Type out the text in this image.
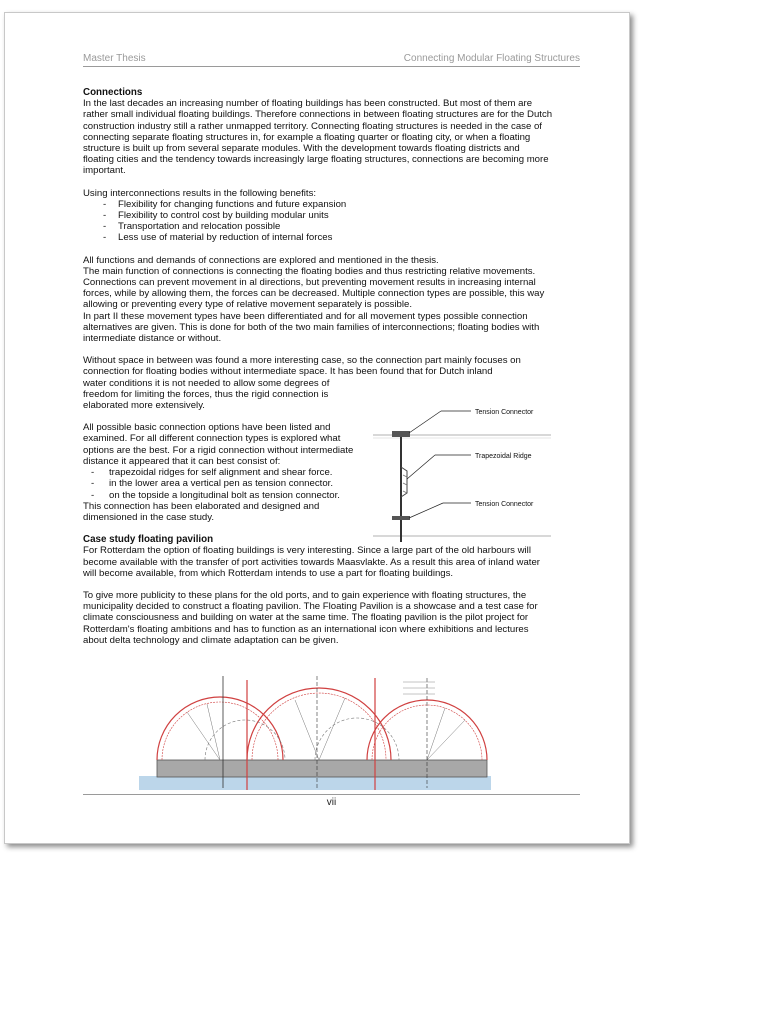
Master Thesis	Connecting Modular Floating Structures
Connections

In the last decades an increasing number of floating buildings has been constructed. But most of them are rather small individual floating buildings. Therefore connections in between floating structures are for the Dutch construction industry still a rather unmapped territory. Connecting floating structures is needed in the case of connecting separate floating structures in, for example a floating quarter or floating city, or when a floating structure is built up from several separate modules. With the development towards floating districts and floating cities and the tendency towards increasingly large floating structures, connections are becoming more important.

Using interconnections results in the following benefits:

- Flexibility for changing functions and future expansion
- Flexibility to control cost by building modular units
- Transportation and relocation possible
- Less use of material by reduction of internal forces

All functions and demands of connections are explored and mentioned in the thesis.

The main function of connections is connecting the floating bodies and thus restricting relative movements. Connections can prevent movement in al directions, but preventing movement results in increasing internal forces, while by allowing them, the forces can be decreased. Multiple connection types are possible, this way allowing or preventing every type of relative movement separately is possible.

In part II these movement types have been differentiated and for all movement types possible connection alternatives are given. This is done for both of the two main families of interconnections; floating bodies with intermediate distance or without.

Without space in between was found a more interesting case, so the connection part mainly focuses on connection for floating bodies without intermediate space. It has been found that for Dutch inland

water conditions it is not needed to allow some degrees of freedom for limiting the forces, thus the rigid connection is elaborated more extensively.

All possible basic connection options have been listed and examined. For all different connection types is explored what options are the best. For a rigid connection without intermediate distance it appeared that it can best consist of:

- trapezoidal ridges for self alignment and shear force.
- in the lower area a vertical pen as tension connector.
- on the topside a longitudinal bolt as tension connector.

This connection has been elaborated and designed and dimensioned in the case study.

Case study floating pavilion

For Rotterdam the option of floating buildings is very interesting. Since a large part of the old harbours will become available with the transfer of port activities towards Maasvlakte. As a result this area of inland water will become available, from which Rotterdam intends to use a part for floating buildings.

To give more publicity to these plans for the old ports, and to gain experience with floating structures, the municipality decided to construct a floating pavilion. The Floating Pavilion is a showcase and a test case for climate consciousness and building on water at the same time. The floating pavilion is the pilot project for Rotterdam's floating ambitions and has to function as an international icon where exhibitions and lectures about delta technology and climate adaptation can be given.

Tension Connector
Trapezoidal Ridge
Tension Connector
vii
